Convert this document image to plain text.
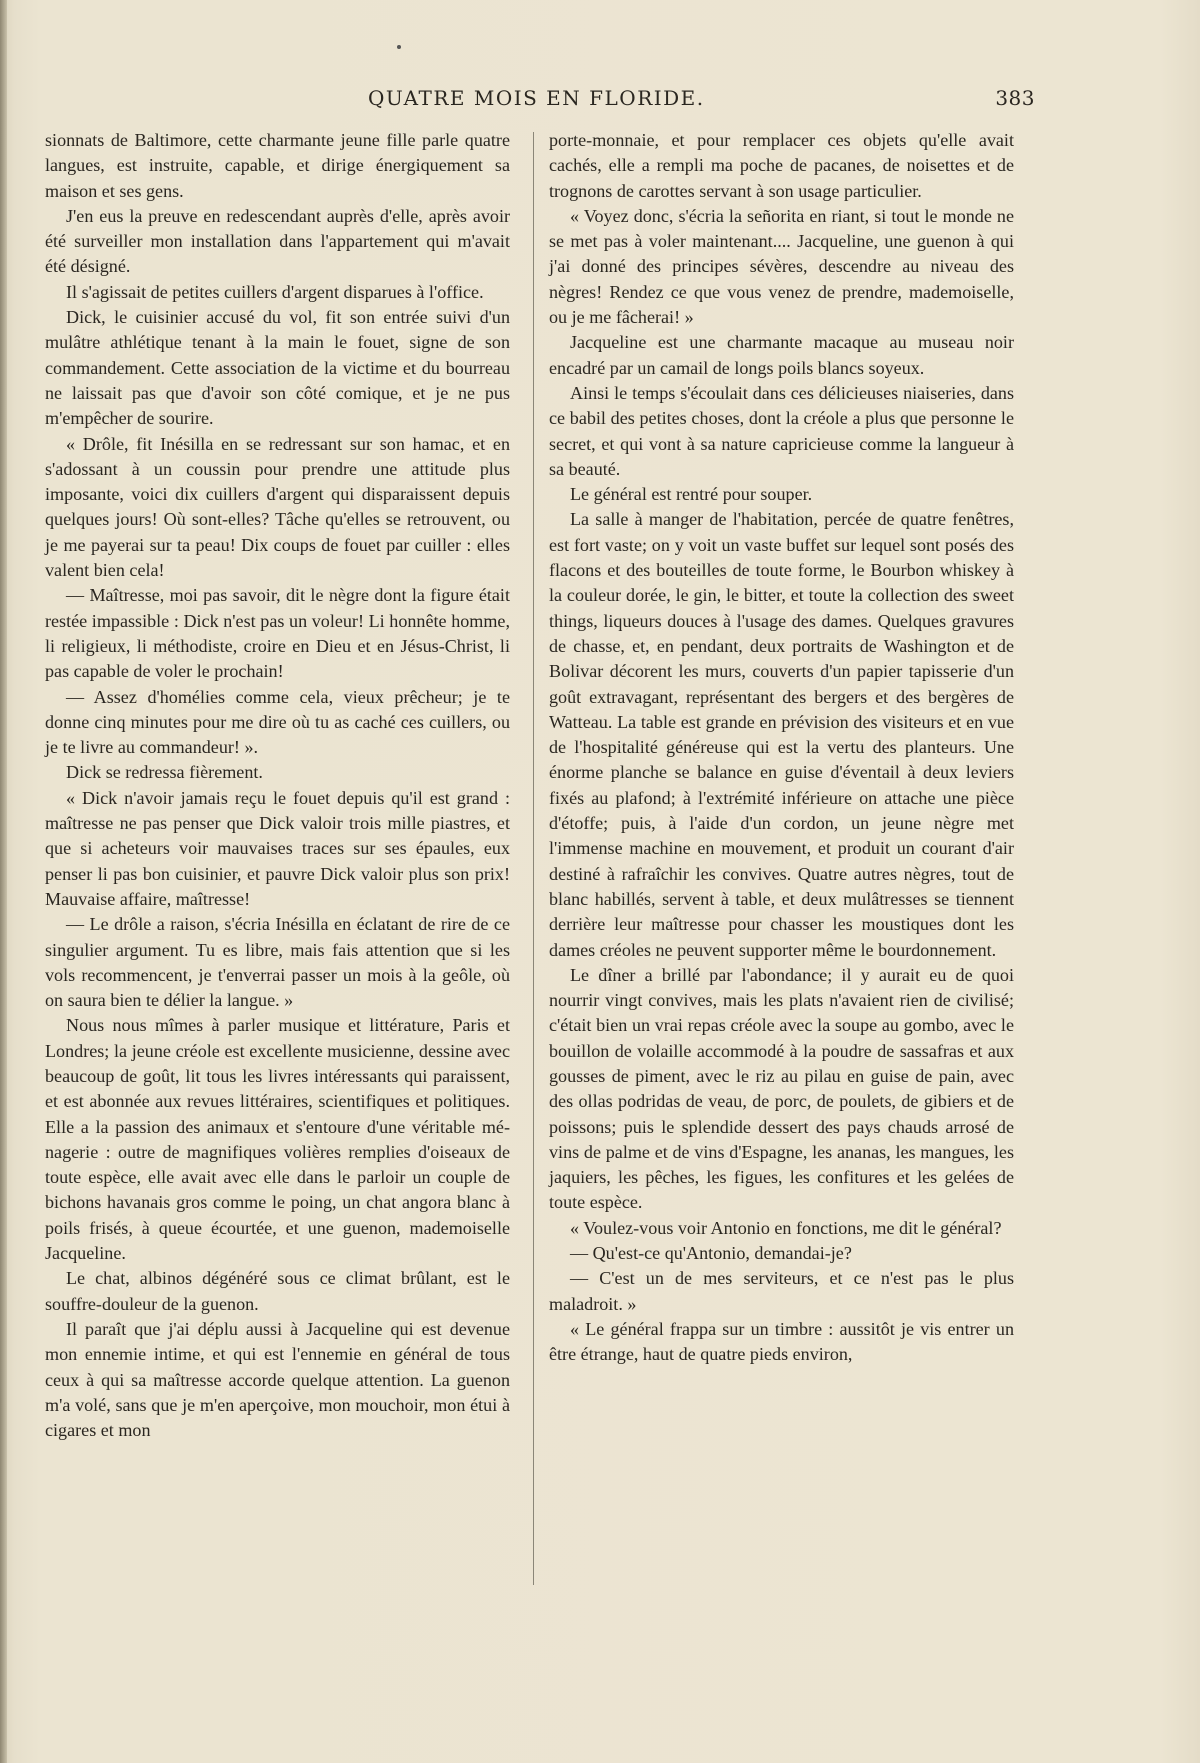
QUATRE MOIS EN FLORIDE.	383

sionnats de Baltimore, cette charmante jeune fille parle quatre langues, est instruite, capable, et dirige énergiquement sa maison et ses gens.

J'en eus la preuve en redescendant auprès d'elle, après avoir été surveiller mon installation dans l'appartement qui m'avait été désigné.

Il s'agissait de petites cuillers d'argent disparues à l'office.

Dick, le cuisinier accusé du vol, fit son entrée suivi d'un mulâtre athlétique tenant à la main le fouet, signe de son commandement. Cette association de la victime et du bourreau ne laissait pas que d'avoir son côté comique, et je ne pus m'empêcher de sourire.

« Drôle, fit Inésilla en se redressant sur son hamac, et en s'adossant à un coussin pour prendre une attitude plus imposante, voici dix cuillers d'argent qui disparaissent depuis quelques jours! Où sont-elles? Tâche qu'elles se retrouvent, ou je me payerai sur ta peau! Dix coups de fouet par cuiller : elles valent bien cela!

— Maîtresse, moi pas savoir, dit le nègre dont la figure était restée impassible : Dick n'est pas un voleur! Li honnête homme, li religieux, li méthodiste, croire en Dieu et en Jésus-Christ, li pas capable de voler le prochain!

— Assez d'homélies comme cela, vieux prêcheur; je te donne cinq minutes pour me dire où tu as caché ces cuillers, ou je te livre au commandeur! ».

Dick se redressa fièrement.

« Dick n'avoir jamais reçu le fouet depuis qu'il est grand : maîtresse ne pas penser que Dick valoir trois mille piastres, et que si acheteurs voir mauvaises traces sur ses épaules, eux penser li pas bon cuisinier, et pauvre Dick valoir plus son prix! Mauvaise affaire, maîtresse!

— Le drôle a raison, s'écria Inésilla en éclatant de rire de ce singulier argument. Tu es libre, mais fais attention que si les vols recommencent, je t'enverrai passer un mois à la geôle, où on saura bien te délier la langue. »

Nous nous mîmes à parler musique et littérature, Paris et Londres; la jeune créole est excellente musicienne, dessine avec beaucoup de goût, lit tous les livres intéressants qui paraissent, et est abonnée aux revues littéraires, scientifiques et politiques. Elle a la passion des animaux et s'entoure d'une véritable ménagerie : outre de magnifiques volières remplies d'oiseaux de toute espèce, elle avait avec elle dans le parloir un couple de bichons havanais gros comme le poing, un chat angora blanc à poils frisés, à queue écourtée, et une guenon, mademoiselle Jacqueline.

Le chat, albinos dégénéré sous ce climat brûlant, est le souffre-douleur de la guenon.

Il paraît que j'ai déplu aussi à Jacqueline qui est devenue mon ennemie intime, et qui est l'ennemie en général de tous ceux à qui sa maîtresse accorde quelque attention. La guenon m'a volé, sans que je m'en aperçoive, mon mouchoir, mon étui à cigares et mon

porte-monnaie, et pour remplacer ces objets qu'elle avait cachés, elle a rempli ma poche de pacanes, de noisettes et de trognons de carottes servant à son usage particulier.

« Voyez donc, s'écria la señorita en riant, si tout le monde ne se met pas à voler maintenant.... Jacqueline, une guenon à qui j'ai donné des principes sévères, descendre au niveau des nègres! Rendez ce que vous venez de prendre, mademoiselle, ou je me fâcherai! »

Jacqueline est une charmante macaque au museau noir encadré par un camail de longs poils blancs soyeux.

Ainsi le temps s'écoulait dans ces délicieuses niaiseries, dans ce babil des petites choses, dont la créole a plus que personne le secret, et qui vont à sa nature capricieuse comme la langueur à sa beauté.

Le général est rentré pour souper.

La salle à manger de l'habitation, percée de quatre fenêtres, est fort vaste; on y voit un vaste buffet sur lequel sont posés des flacons et des bouteilles de toute forme, le Bourbon whiskey à la couleur dorée, le gin, le bitter, et toute la collection des sweet things, liqueurs douces à l'usage des dames. Quelques gravures de chasse, et, en pendant, deux portraits de Washington et de Bolivar décorent les murs, couverts d'un papier tapisserie d'un goût extravagant, représentant des bergers et des bergères de Watteau. La table est grande en prévision des visiteurs et en vue de l'hospitalité généreuse qui est la vertu des planteurs. Une énorme planche se balance en guise d'éventail à deux leviers fixés au plafond; à l'extrémité inférieure on attache une pièce d'étoffe; puis, à l'aide d'un cordon, un jeune nègre met l'immense machine en mouvement, et produit un courant d'air destiné à rafraîchir les convives. Quatre autres nègres, tout de blanc habillés, servent à table, et deux mulâtresses se tiennent derrière leur maîtresse pour chasser les moustiques dont les dames créoles ne peuvent supporter même le bourdonnement.

Le dîner a brillé par l'abondance; il y aurait eu de quoi nourrir vingt convives, mais les plats n'avaient rien de civilisé; c'était bien un vrai repas créole avec la soupe au gombo, avec le bouillon de volaille accommodé à la poudre de sassafras et aux gousses de piment, avec le riz au pilau en guise de pain, avec des ollas podridas de veau, de porc, de poulets, de gibiers et de poissons; puis le splendide dessert des pays chauds arrosé de vins de palme et de vins d'Espagne, les ananas, les mangues, les jaquiers, les pêches, les figues, les confitures et les gelées de toute espèce.

« Voulez-vous voir Antonio en fonctions, me dit le général?

— Qu'est-ce qu'Antonio, demandai-je?

— C'est un de mes serviteurs, et ce n'est pas le plus maladroit. »

« Le général frappa sur un timbre : aussitôt je vis entrer un être étrange, haut de quatre pieds environ,
